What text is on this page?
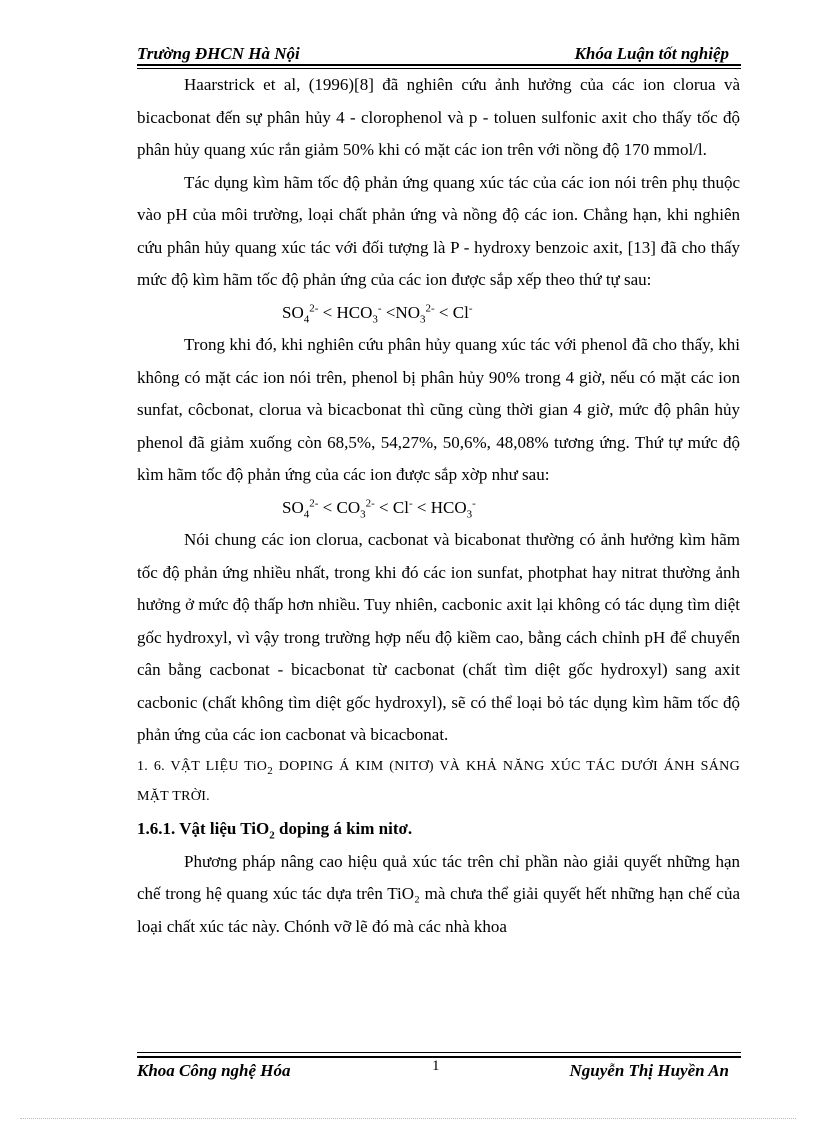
Trường ĐHCN Hà Nội	Khóa Luận tốt nghiệp

Haarstrick et al, (1996)[8] đã nghiên cứu ảnh hưởng của các ion clorua và bicacbonat đến sự phân hủy 4 - clorophenol và p - toluen sulfonic axit cho thấy tốc độ phân hủy quang xúc rắn giảm 50% khi có mặt các ion trên với nồng độ 170 mmol/l.

Tác dụng kìm hãm tốc độ phản ứng quang xúc tác của các ion nói trên phụ thuộc vào pH của môi trường, loại chất phản ứng và nồng độ các ion. Chẳng hạn, khi nghiên cứu phân hủy quang xúc tác với đối tượng là P - hydroxy benzoic axit, [13] đã cho thấy mức độ kìm hãm tốc độ phản ứng của các ion được sắp xếp theo thứ tự sau:

$SO_4^{2-} < HCO_3^- <NO_3^{2-} < Cl^-$

Trong khi đó, khi nghiên cứu phân hủy quang xúc tác với phenol đã cho thấy, khi không có mặt các ion nói trên, phenol bị phân hủy 90% trong 4 giờ, nếu có mặt các ion sunfat, côcbonat, clorua và bicacbonat thì cũng cùng thời gian 4 giờ, mức độ phân hủy phenol đã giảm xuống còn 68,5%, 54,27%, 50,6%, 48,08% tương ứng. Thứ tự mức độ kìm hãm tốc độ phản ứng của các ion được sắp xờp như sau:

$SO_4^{2-} < CO_3^{2-} < Cl^- < HCO_3^-$

Nói chung các ion clorua, cacbonat và bicabonat thường có ảnh hưởng kìm hãm tốc độ phản ứng nhiều nhất, trong khi đó các ion sunfat, photphat hay nitrat thường ảnh hưởng ở mức độ thấp hơn nhiều. Tuy nhiên, cacbonic axit lại không có tác dụng tìm diệt gốc hydroxyl, vì vậy trong trường hợp nếu độ kiềm cao, bằng cách chỉnh pH để chuyển cân bằng cacbonat - bicacbonat từ cacbonat (chất tìm diệt gốc hydroxyl) sang axit cacbonic (chất không tìm diệt gốc hydroxyl), sẽ có thể loại bỏ tác dụng kìm hãm tốc độ phản ứng của các ion cacbonat và bicacbonat.

1. 6. VẬT LIỆU TiO$_2$ DOPING Á KIM (NITƠ) VÀ KHẢ NĂNG XÚC TÁC DƯỚI ÁNH SÁNG MẶT TRỜI.

1.6.1. Vật liệu TiO$_2$ doping á kim nitơ.

Phương pháp nâng cao hiệu quả xúc tác trên chỉ phần nào giải quyết những hạn chế trong hệ quang xúc tác dựa trên TiO₂ mà chưa thể giải quyết hết những hạn chế của loại chất xúc tác này. Chónh vỡ lẽ đó mà các nhà khoa

Khoa Công nghệ Hóa	1	Nguyễn Thị Huyền An
